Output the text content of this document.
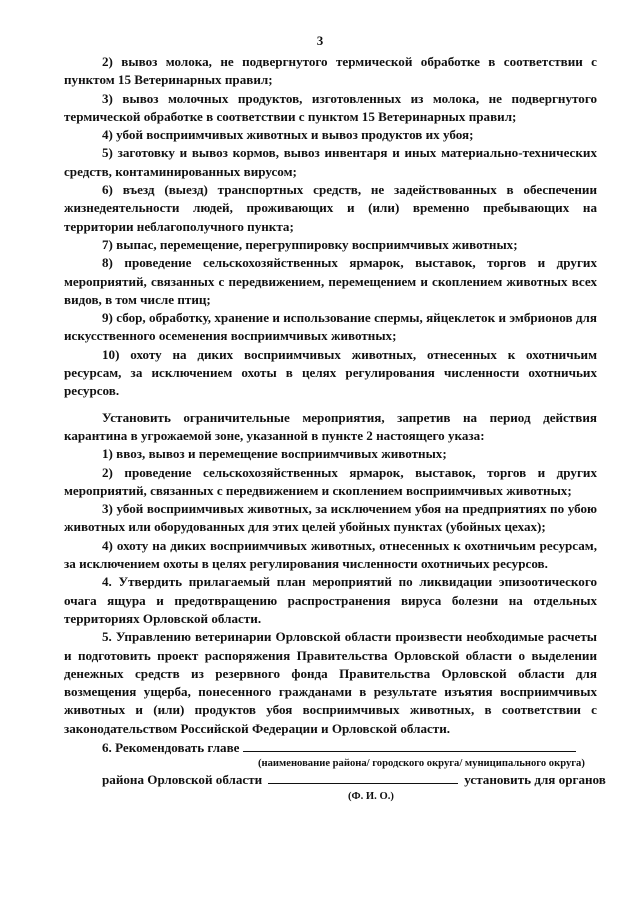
3

2) вывоз молока, не подвергнутого термической обработке в соответствии с пунктом 15 Ветеринарных правил;

3) вывоз молочных продуктов, изготовленных из молока, не подвергнутого термической обработке в соответствии с пунктом 15 Ветеринарных правил;

4) убой восприимчивых животных и вывоз продуктов их убоя;

5) заготовку и вывоз кормов, вывоз инвентаря и иных материально-технических средств, контаминированных вирусом;

6) въезд (выезд) транспортных средств, не задействованных в обеспечении жизнедеятельности людей, проживающих и (или) временно пребывающих на территории неблагополучного пункта;

7) выпас, перемещение, перегруппировку восприимчивых животных;

8) проведение сельскохозяйственных ярмарок, выставок, торгов и других мероприятий, связанных с передвижением, перемещением и скоплением животных всех видов, в том числе птиц;

9) сбор, обработку, хранение и использование спермы, яйцеклеток и эмбрионов для искусственного осеменения восприимчивых животных;

10) охоту на диких восприимчивых животных, отнесенных к охотничьим ресурсам, за исключением охоты в целях регулирования численности охотничьих ресурсов.

Установить ограничительные мероприятия, запретив на период действия карантина в угрожаемой зоне, указанной в пункте 2 настоящего указа:

1) ввоз, вывоз и перемещение восприимчивых животных;

2) проведение сельскохозяйственных ярмарок, выставок, торгов и других мероприятий, связанных с передвижением и скоплением восприимчивых животных;

3) убой восприимчивых животных, за исключением убоя на предприятиях по убою животных или оборудованных для этих целей убойных пунктах (убойных цехах);

4) охоту на диких восприимчивых животных, отнесенных к охотничьим ресурсам, за исключением охоты в целях регулирования численности охотничьих ресурсов.

4. Утвердить прилагаемый план мероприятий по ликвидации эпизоотического очага ящура и предотвращению распространения вируса болезни на отдельных территориях Орловской области.

5. Управлению ветеринарии Орловской области произвести необходимые расчеты и подготовить проект распоряжения Правительства Орловской области о выделении денежных средств из резервного фонда Правительства Орловской области для возмещения ущерба, понесенного гражданами в результате изъятия восприимчивых животных и (или) продуктов убоя восприимчивых животных, в соответствии с законодательством Российской Федерации и Орловской области.

6. Рекомендовать главе

(наименование района/ городского округа/ муниципального округа)

района Орловской области	установить для органов

(Ф. И. О.)
